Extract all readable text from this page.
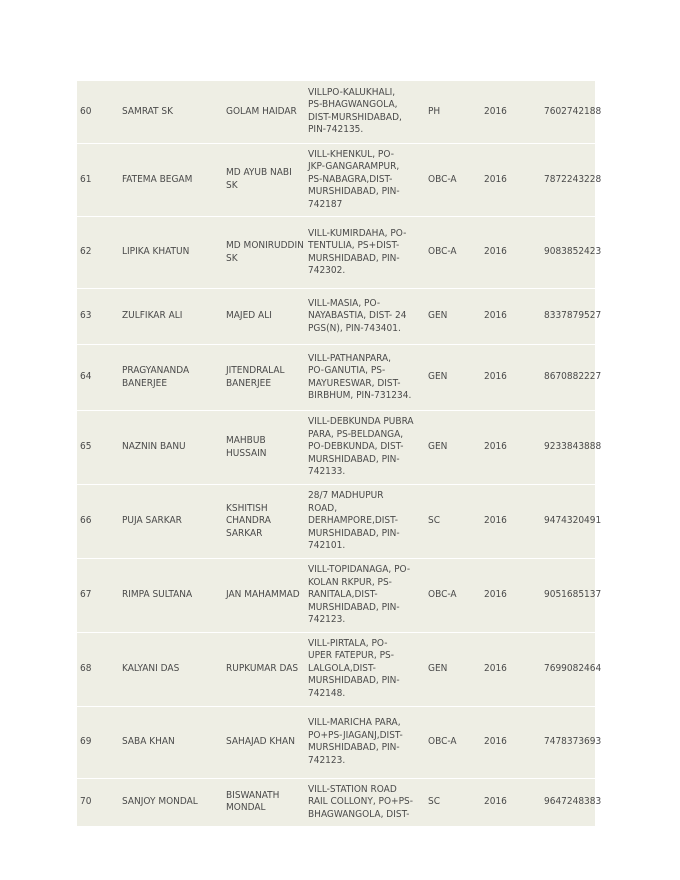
60	SAMRAT SK	GOLAM HAIDAR	VILLPO-KALUKHALI,
PS-BHAGWANGOLA,
DIST-MURSHIDABAD,
PIN-742135.	PH	2016	7602742188
61	FATEMA BEGAM	MD AYUB NABI SK	VILL-KHENKUL, PO-
JKP-GANGARAMPUR,
PS-NABAGRA,DIST-
MURSHIDABAD, PIN-
742187	OBC-A	2016	7872243228
62	LIPIKA KHATUN	MD MONIRUDDIN SK	VILL-KUMIRDAHA, PO-
TENTULIA, PS+DIST-
MURSHIDABAD, PIN-
742302.	OBC-A	2016	9083852423
63	ZULFIKAR ALI	MAJED ALI	VILL-MASIA, PO-
NAYABASTIA, DIST- 24
PGS(N), PIN-743401.	GEN	2016	8337879527
64	PRAGYANANDA BANERJEE	JITENDRALAL BANERJEE	VILL-PATHANPARA,
PO-GANUTIA, PS-
MAYURESWAR, DIST-
BIRBHUM, PIN-731234.	GEN	2016	8670882227
65	NAZNIN BANU	MAHBUB HUSSAIN	VILL-DEBKUNDA PUBRA
PARA, PS-BELDANGA,
PO-DEBKUNDA, DIST-
MURSHIDABAD, PIN-
742133.	GEN	2016	9233843888
66	PUJA SARKAR	KSHITISH CHANDRA SARKAR	28/7 MADHUPUR
ROAD,
DERHAMPORE,DIST-
MURSHIDABAD, PIN-
742101.	SC	2016	9474320491
67	RIMPA SULTANA	JAN MAHAMMAD	VILL-TOPIDANAGA, PO-
KOLAN RKPUR, PS-
RANITALA,DIST-
MURSHIDABAD, PIN-
742123.	OBC-A	2016	9051685137
68	KALYANI DAS	RUPKUMAR DAS	VILL-PIRTALA, PO-
UPER FATEPUR, PS-
LALGOLA,DIST-
MURSHIDABAD, PIN-
742148.	GEN	2016	7699082464
69	SABA KHAN	SAHAJAD KHAN	VILL-MARICHA PARA,
PO+PS-JIAGANJ,DIST-
MURSHIDABAD, PIN-
742123.	OBC-A	2016	7478373693
70	SANJOY MONDAL	BISWANATH MONDAL	VILL-STATION ROAD
RAIL COLLONY, PO+PS-
BHAGWANGOLA, DIST-	SC	2016	9647248383
